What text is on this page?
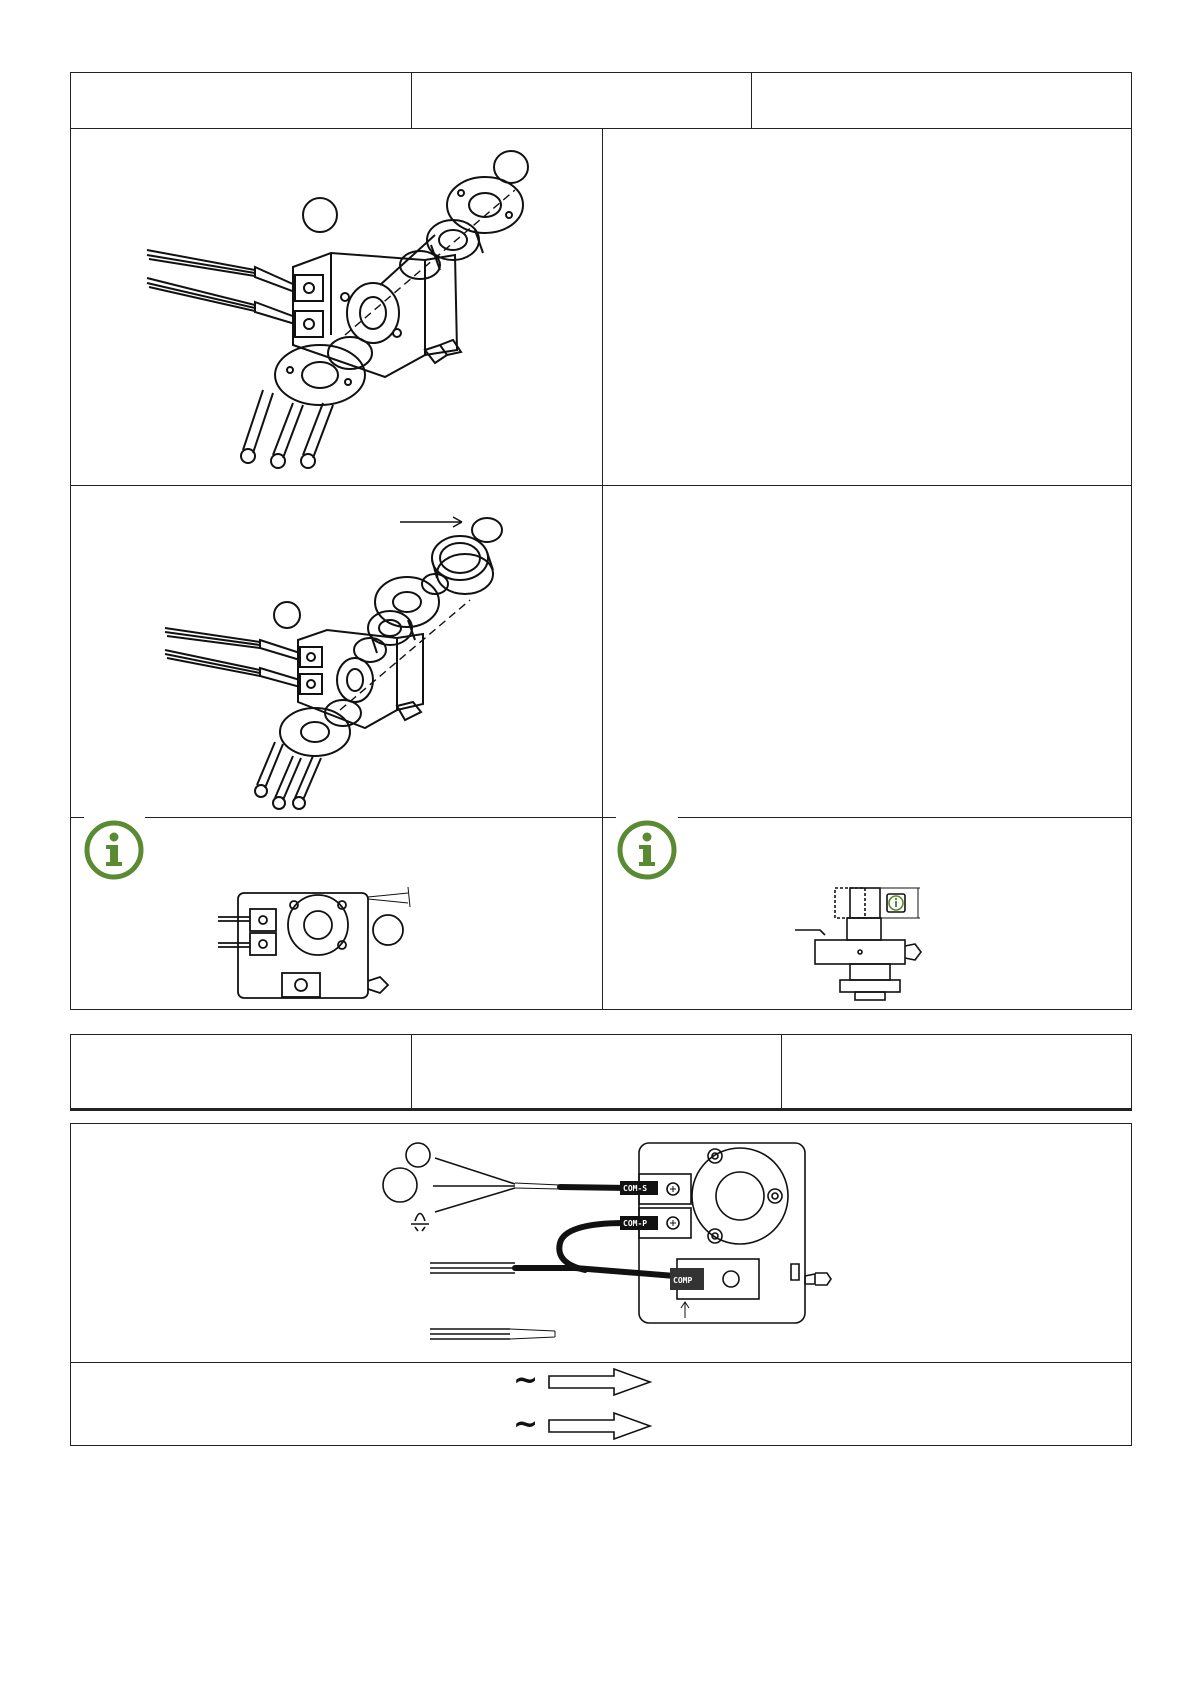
COM-S
COM-P
COMP
~
~
